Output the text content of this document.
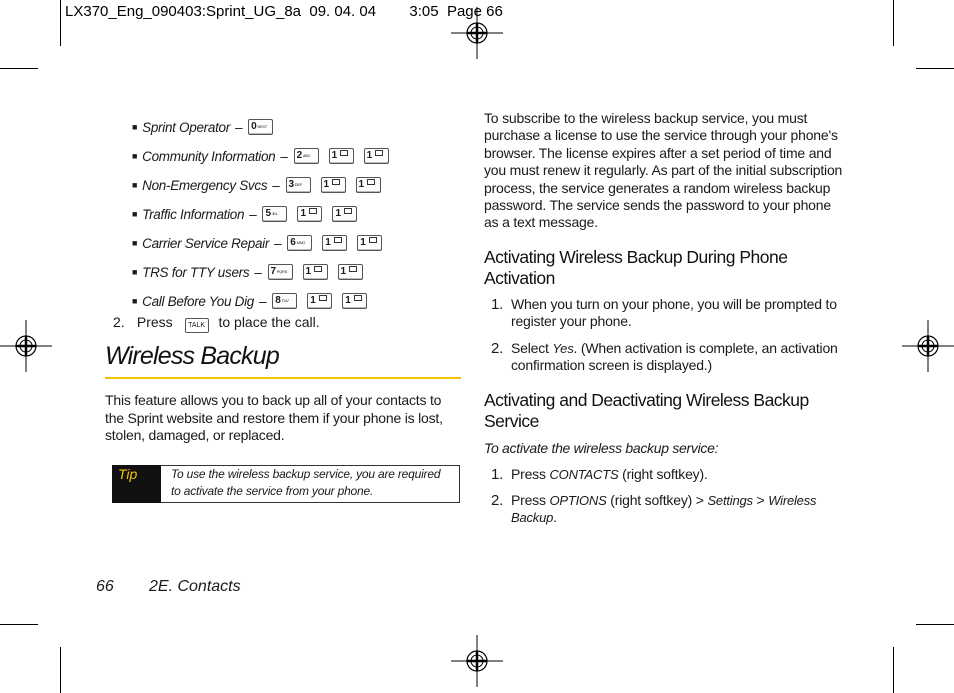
LX370_Eng_090403:Sprint_UG_8a  09. 04. 04        3:05  Page 66
■ Sprint Operator – $0^{NEXT}$
■ Community Information – $2^{ABC}$	1	1
■ Non-Emergency Svcs – $3^{DEF}$	1	1
■ Traffic Information – $5^{JKL}$	1	1
■ Carrier Service Repair – $6^{MNO}$	1	1
■ TRS for TTY users – $7^{PQRS}$	1	1
■ Call Before You Dig – $8^{TUV}$	1	1
2. Press TALK to place the call.
Wireless Backup
This feature allows you to back up all of your contacts to the Sprint website and restore them if your phone is lost, stolen, damaged, or replaced.
Tip	To use the wireless backup service, you are required to activate the service from your phone.
To subscribe to the wireless backup service, you must purchase a license to use the service through your phone's browser. The license expires after a set period of time and you must renew it regularly. As part of the initial subscription process, the service generates a random wireless backup password. The service sends the password to your phone as a text message.
Activating Wireless Backup During Phone Activation
1. When you turn on your phone, you will be prompted to register your phone.
2. Select Yes. (When activation is complete, an activation confirmation screen is displayed.)
Activating and Deactivating Wireless Backup Service
To activate the wireless backup service:
1. Press CONTACTS (right softkey).
2. Press OPTIONS (right softkey) > Settings > Wireless Backup.
66 2E. Contacts
